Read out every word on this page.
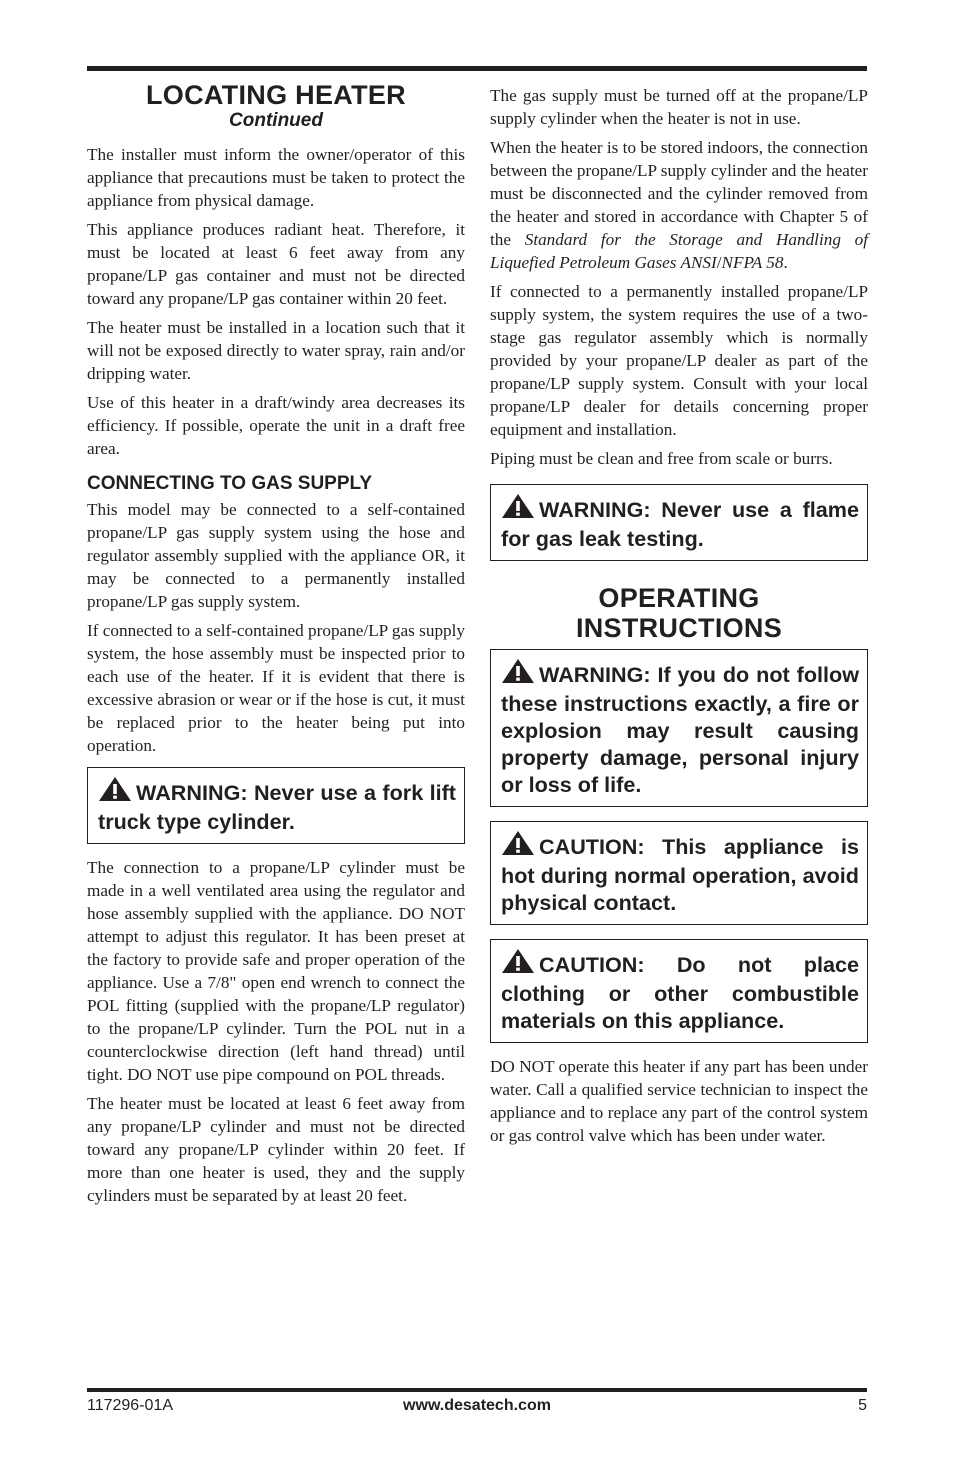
LOCATING HEATER
Continued

The installer must inform the owner/operator of this appliance that precautions must be taken to protect the appliance from physical damage.

This appliance produces radiant heat. Therefore, it must be located at least 6 feet away from any propane/LP gas container and must not be directed toward any propane/LP gas container within 20 feet.

The heater must be installed in a location such that it will not be exposed directly to water spray, rain and/or dripping water.

Use of this heater in a draft/windy area decreases its efficiency. If possible, operate the unit in a draft free area.

CONNECTING TO GAS SUPPLY

This model may be connected to a self-contained propane/LP gas supply system using the hose and regulator assembly supplied with the appliance OR, it may be connected to a permanently installed propane/LP gas supply system.

If connected to a self-contained propane/LP gas supply system, the hose assembly must be inspected prior to each use of the heater. If it is evident that there is excessive abrasion or wear or if the hose is cut, it must be replaced prior to the heater being put into operation.

WARNING: Never use a fork lift truck type cylinder.

The connection to a propane/LP cylinder must be made in a well ventilated area using the regulator and hose assembly supplied with the appliance. DO NOT attempt to adjust this regulator. It has been preset at the factory to provide safe and proper operation of the appliance. Use a 7/8" open end wrench to connect the POL fitting (supplied with the propane/LP regulator) to the propane/LP cylinder. Turn the POL nut in a counterclockwise direction (left hand thread) until tight. DO NOT use pipe compound on POL threads.

The heater must be located at least 6 feet away from any propane/LP cylinder and must not be directed toward any propane/LP cylinder within 20 feet. If more than one heater is used, they and the supply cylinders must be separated by at least 20 feet.

The gas supply must be turned off at the propane/LP supply cylinder when the heater is not in use.

When the heater is to be stored indoors, the connection between the propane/LP supply cylinder and the heater must be disconnected and the cylinder removed from the heater and stored in accordance with Chapter 5 of the Standard for the Storage and Handling of Liquefied Petroleum Gases ANSI/NFPA 58.

If connected to a permanently installed propane/LP supply system, the system requires the use of a two-stage gas regulator assembly which is normally provided by your propane/LP dealer as part of the propane/LP supply system. Consult with your local propane/LP dealer for details concerning proper equipment and installation.

Piping must be clean and free from scale or burrs.

WARNING: Never use a flame for gas leak testing.
OPERATING
INSTRUCTIONS
WARNING: If you do not follow these instructions exactly, a fire or explosion may result causing property damage, personal injury or loss of life.
CAUTION: This appliance is hot during normal operation, avoid physical contact.
CAUTION: Do not place clothing or other combustible materials on this appliance.

DO NOT operate this heater if any part has been under water. Call a qualified service technician to inspect the appliance and to replace any part of the control system or gas control valve which has been under water.

117296-01A	www.desatech.com	5
